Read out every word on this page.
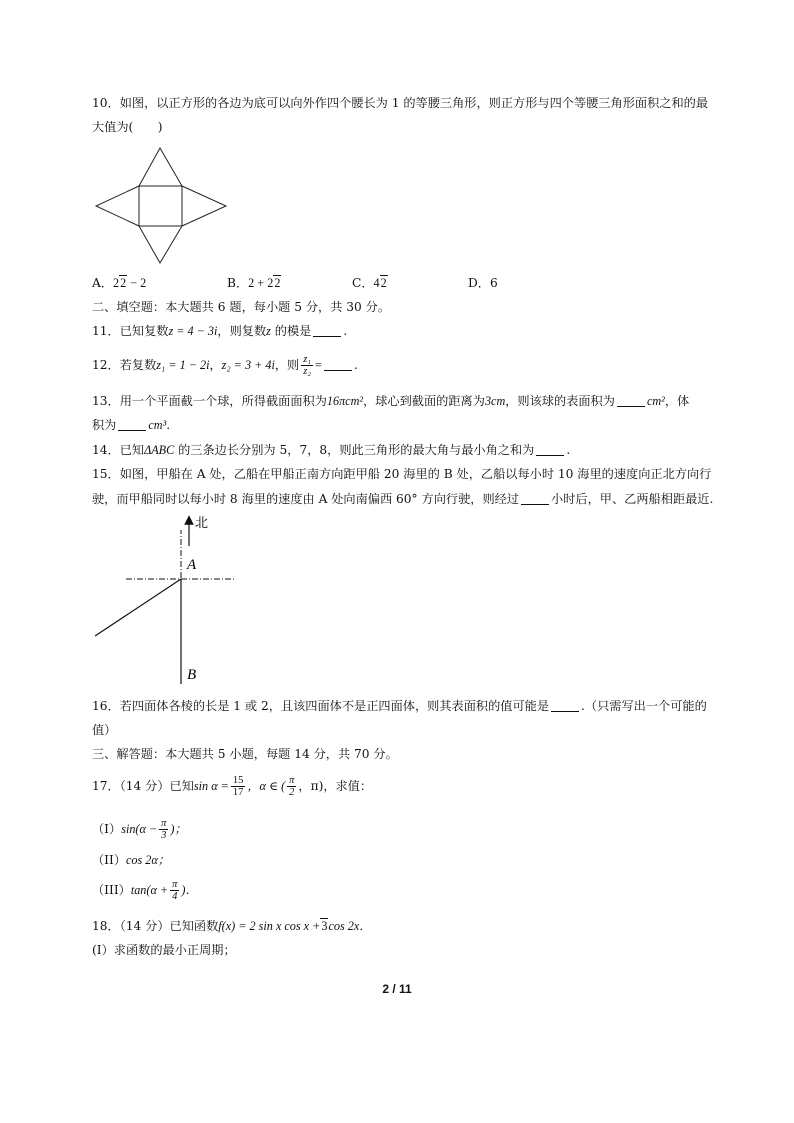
10．如图，以正方形的各边为底可以向外作四个腰长为 1 的等腰三角形，则正方形与四个等腰三角形面积之和的最
大值为(　　)
A．22 − 2	B．2 + 22	C．42	D．6
二、填空题：本大题共 6 题，每小题 5 分，共 30 分。
11．已知复数z = 4 − 3i，则复数z 的模是	.
12．若复数z₁ = 1 − 2i，z₂ = 3 + 4i，则 $\frac{\text{z₁}}{\text{z₂}}$ =	.
13．用一个平面截一个球，所得截面面积为16πcm²，球心到截面的距离为3cm，则该球的表面积为	cm²，体
积为	cm³.
14．已知ΔABC 的三条边长分别为 5，7，8，则此三角形的最大角与最小角之和为	.
15．如图，甲船在 A 处，乙船在甲船正南方向距甲船 20 海里的 B 处，乙船以每小时 10 海里的速度向正北方向行
驶，而甲船同时以每小时 8 海里的速度由 A 处向南偏西 60° 方向行驶，则经过	小时后，甲、乙两船相距最近.
北
A
B
16．若四面体各棱的长是 1 或 2，且该四面体不是正四面体，则其表面积的值可能是	.（只需写出一个可能的
值）
三、解答题：本大题共 5 小题，每题 14 分，共 70 分。
17．（14 分）已知$\sin \alpha = \frac{15}{17}$ ，α ∈ ( $\frac{\pi}{2}$ ，π)，求值：
$(I)\sin(\alpha - \frac{\pi}{3}$ )；
（II）cos 2α；
$(III)\tan(\alpha + \frac{\pi}{4}$ )．
18．（14 分）已知函数f(x) = 2 sin x cos x +3cos 2x．
(I）求函数的最小正周期；
2 / 11
